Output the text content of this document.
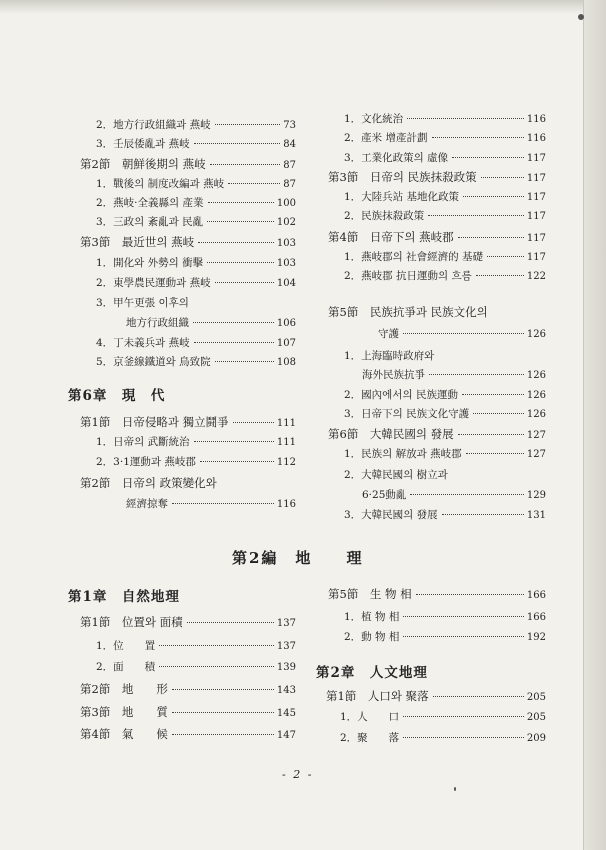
2．地方行政組織과 燕岐	73
3．壬辰倭亂과 燕岐	84
第2節　朝鮮後期의 燕岐	87
1．戰後의 制度改編과 燕岐	87
2．燕岐·全義縣의 產業	100
3．三政의 紊亂과 民亂	102
第3節　最近世의 燕岐	103
1．開化와 外勢의 衝擊	103
2．東學農民運動과 燕岐	104
3．甲午更張 이후의
地方行政組織	106
4．丁未義兵과 燕岐	107
5．京釜線鐵道와 鳥致院	108
第6章　現　代
第1節　日帝侵略과 獨立鬪爭	111
1．日帝의 武斷統治	111
2．3·1運動과 燕岐郡	112
第2節　日帝의 政策變化와
經濟掠奪	116
1．文化統治	116
2．產米 增產計劃	116
3．工業化政策의 虛像	117
第3節　日帝의 民族抹殺政策	117
1．大陸兵站 基地化政策	117
2．民族抹殺政策	117
第4節　日帝下의 燕岐郡	117
1．燕岐郡의 社會經濟的 基礎	117
2．燕岐郡 抗日運動의 흐름	122
第5節　民族抗爭과 民族文化의
守護	126
1．上海臨時政府와
海外民族抗爭	126
2．國內에서의 民族運動	126
3．日帝下의 民族文化守護	126
第6節　大韓民國의 發展	127
1．民族의 解放과 燕岐郡	127
2．大韓民國의 樹立과
6·25動亂	129
3．大韓民國의 發展	131
第2編　地　　理
第1章　自然地理
第1節　位置와 面積	137
1．位　　置	137
2．面　　積	139
第2節　地　　形	143
第3節　地　　質	145
第4節　氣　　候	147
第5節　生 物 相	166
1．植 物 相	166
2．動 物 相	192
第2章　人文地理
第1節　人口와 聚落	205
1．人　　口	205
2．聚　　落	209
- 2 -
